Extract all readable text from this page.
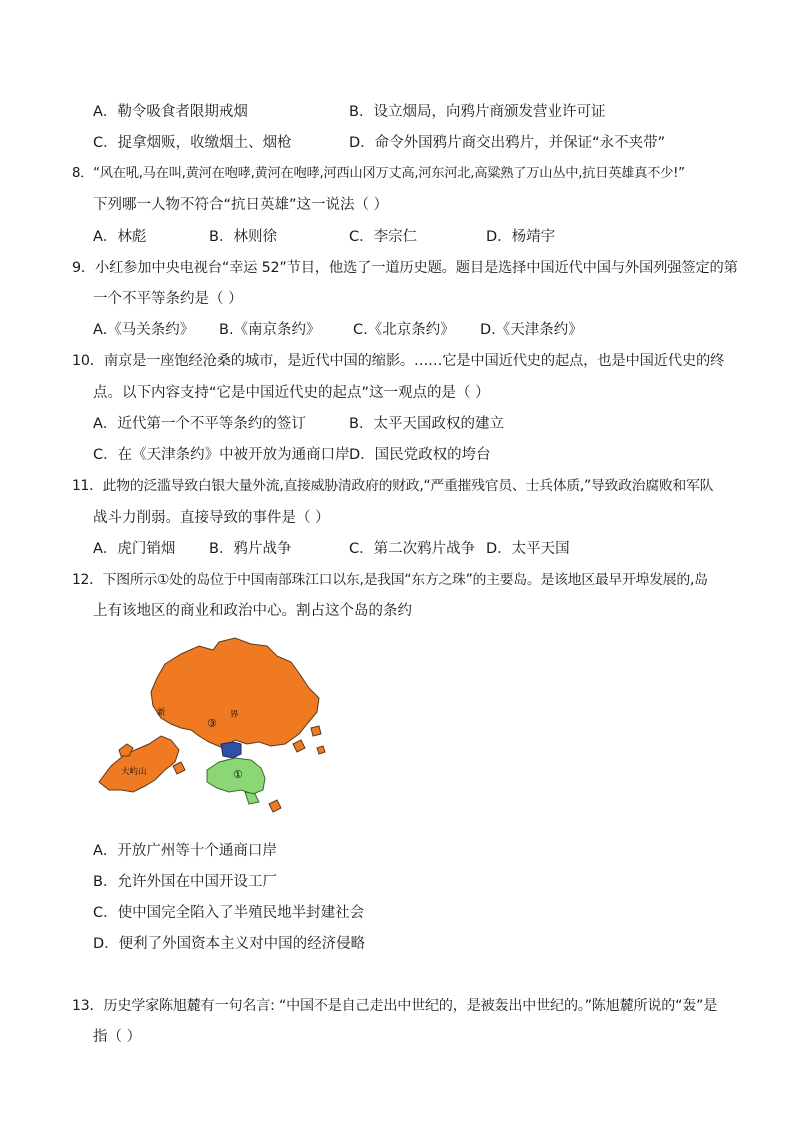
A．勒令吸食者限期戒烟	B．设立烟局，向鸦片商颁发营业许可证
C．捉拿烟贩，收缴烟土、烟枪	D．命令外国鸦片商交出鸦片，并保证“永不夹带”
8．“风在吼,马在叫,黄河在咆哮,黄河在咆哮,河西山冈万丈高,河东河北,高粱熟了万山丛中,抗日英雄真不少!”
下列哪一人物不符合“抗日英雄”这一说法（ ）
A．林彪	B．林则徐	C．李宗仁	D．杨靖宇
9．小红参加中央电视台“幸运 52”节目，他选了一道历史题。题目是选择中国近代中国与外国列强签定的第
一个不平等条约是（ ）
A.《马关条约》 B.《南京条约》 C.《北京条约》 D.《天津条约》
10．南京是一座饱经沧桑的城市，是近代中国的缩影。……它是中国近代史的起点，也是中国近代史的终
点。以下内容支持“它是中国近代史的起点”这一观点的是（ ）
A．近代第一个不平等条约的签订	B．太平天国政权的建立
C．在《天津条约》中被开放为通商口岸 D．国民党政权的垮台
11．此物的泛滥导致白银大量外流,直接威胁清政府的财政,“严重摧残官员、士兵体质,”导致政治腐败和军队
战斗力削弱。直接导致的事件是（ ）
A．虎门销烟 B．鸦片战争	C．第二次鸦片战争 D．太平天国
12．下图所示①处的岛位于中国南部珠江口以东,是我国“东方之珠”的主要岛。是该地区最早开埠发展的,岛
上有该地区的商业和政治中心。割占这个岛的条约
新
③
界
大屿山	①
A．开放广州等十个通商口岸
B．允许外国在中国开设工厂
C．使中国完全陷入了半殖民地半封建社会
D．便利了外国资本主义对中国的经济侵略
13．历史学家陈旭麓有一句名言: “中国不是自己走出中世纪的，是被轰出中世纪的。”陈旭麓所说的“轰”是
指（ ）
